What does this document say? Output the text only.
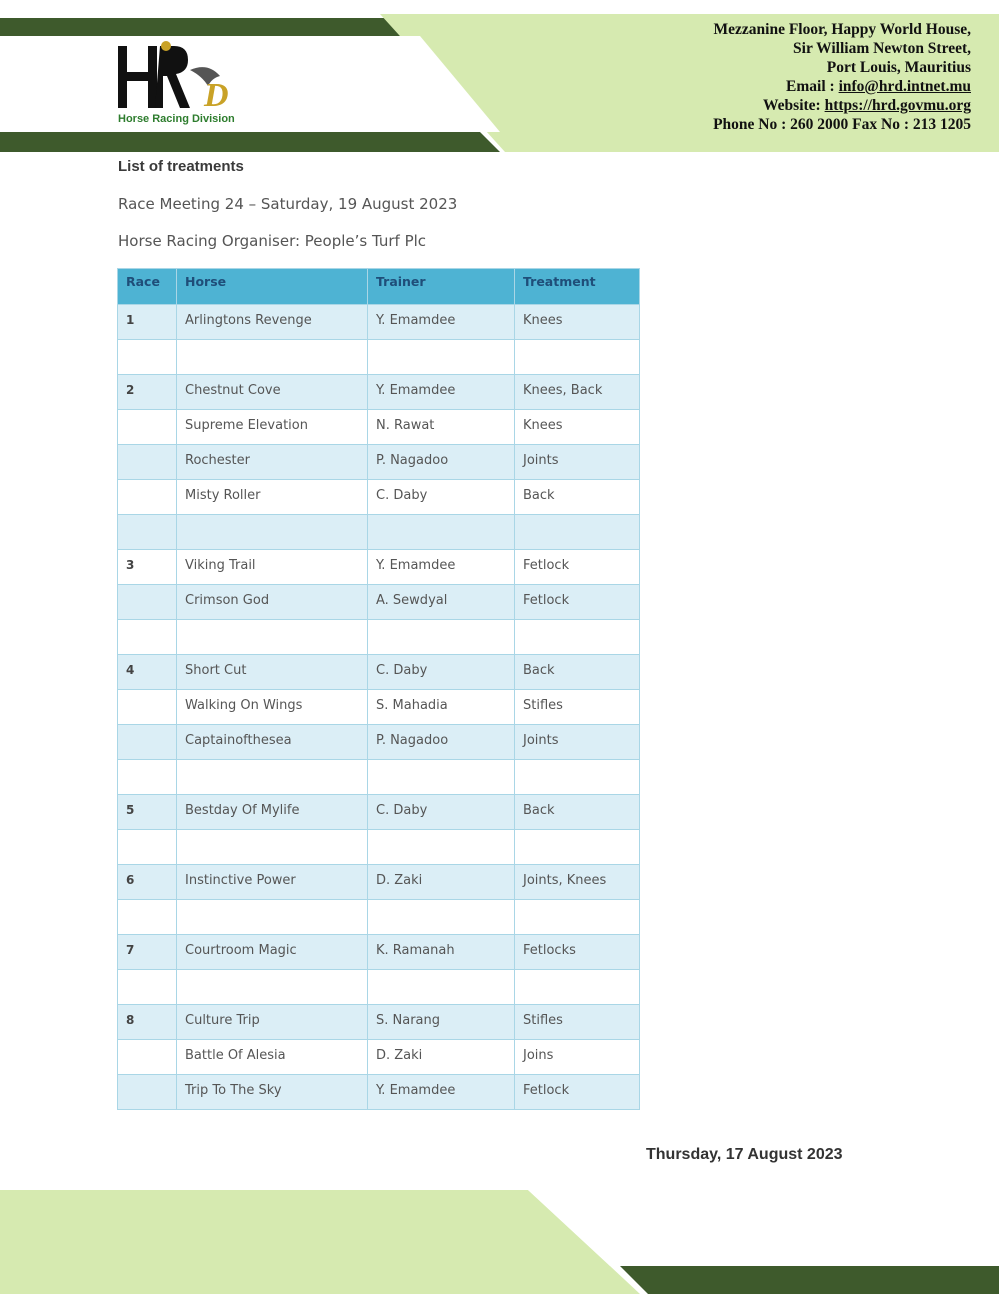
D
Horse Racing Division
Mezzanine Floor, Happy World House,
Sir William Newton Street,
Port Louis, Mauritius
Email : info@hrd.intnet.mu
Website: https://hrd.govmu.org
Phone No : 260 2000 Fax No : 213 1205
List of treatments
Race Meeting 24 – Saturday, 19 August 2023
Horse Racing Organiser: People’s Turf Plc
Race	Horse	Trainer	Treatment
1	Arlingtons Revenge	Y. Emamdee	Knees

2	Chestnut Cove	Y. Emamdee	Knees, Back
	Supreme Elevation	N. Rawat	Knees
	Rochester	P. Nagadoo	Joints
	Misty Roller	C. Daby	Back

3	Viking Trail	Y. Emamdee	Fetlock
	Crimson God	A. Sewdyal	Fetlock

4	Short Cut	C. Daby	Back
	Walking On Wings	S. Mahadia	Stifles
	Captainofthesea	P. Nagadoo	Joints

5	Bestday Of Mylife	C. Daby	Back

6	Instinctive Power	D. Zaki	Joints, Knees

7	Courtroom Magic	K. Ramanah	Fetlocks

8	Culture Trip	S. Narang	Stifles
	Battle Of Alesia	D. Zaki	Joins
	Trip To The Sky	Y. Emamdee	Fetlock
Thursday, 17 August 2023
